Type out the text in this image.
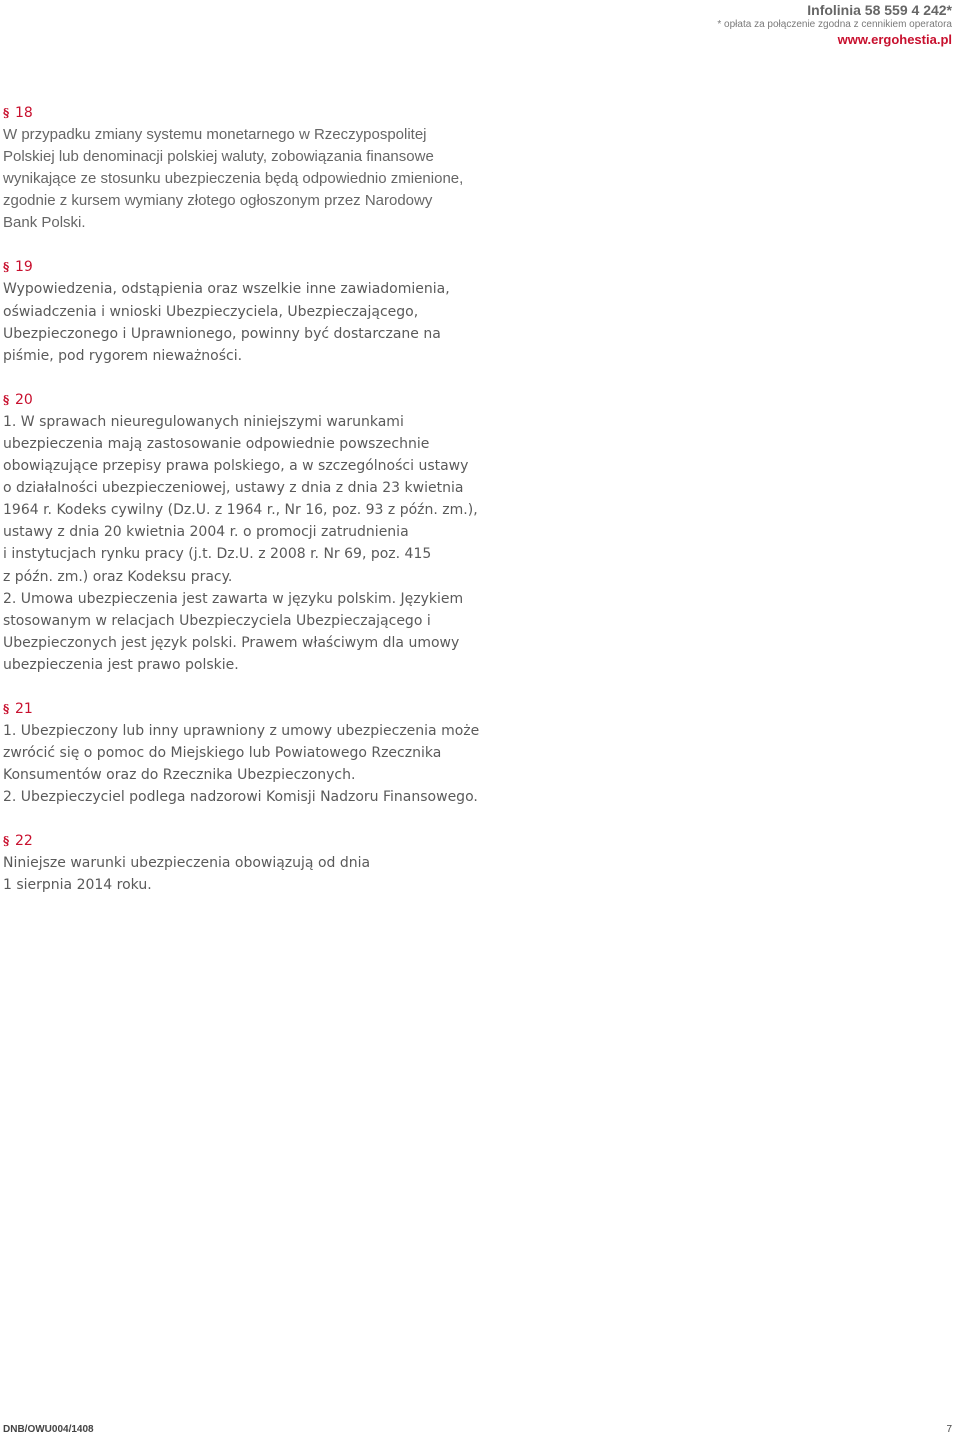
Infolinia 58 559 4 242*
* opłata za połączenie zgodna z cennikiem operatora
www.ergohestia.pl
§ 18
W przypadku zmiany systemu monetarnego w Rzeczypospolitej
Polskiej lub denominacji polskiej waluty, zobowiązania finansowe
wynikające ze stosunku ubezpieczenia będą odpowiednio zmienione,
zgodnie z kursem wymiany złotego ogłoszonym przez Narodowy
Bank Polski.
§ 19
Wypowiedzenia, odstąpienia oraz wszelkie inne zawiadomienia,
oświadczenia i wnioski Ubezpieczyciela, Ubezpieczającego,
Ubezpieczonego i Uprawnionego, powinny być dostarczane na
piśmie, pod rygorem nieważności.
§ 20
1. W sprawach nieuregulowanych niniejszymi warunkami
ubezpieczenia mają zastosowanie odpowiednie powszechnie
obowiązujące przepisy prawa polskiego, a w szczególności ustawy
o działalności ubezpieczeniowej, ustawy z dnia z dnia 23 kwietnia
1964 r. Kodeks cywilny (Dz.U. z 1964 r., Nr 16, poz. 93 z późn. zm.),
ustawy z dnia 20 kwietnia 2004 r. o promocji zatrudnienia
i instytucjach rynku pracy (j.t. Dz.U. z 2008 r. Nr 69, poz. 415
z późn. zm.) oraz Kodeksu pracy.
2. Umowa ubezpieczenia jest zawarta w języku polskim. Językiem
stosowanym w relacjach Ubezpieczyciela Ubezpieczającego i
Ubezpieczonych jest język polski. Prawem właściwym dla umowy
ubezpieczenia jest prawo polskie.
§ 21
1. Ubezpieczony lub inny uprawniony z umowy ubezpieczenia może
zwrócić się o pomoc do Miejskiego lub Powiatowego Rzecznika
Konsumentów oraz do Rzecznika Ubezpieczonych.
2. Ubezpieczyciel podlega nadzorowi Komisji Nadzoru Finansowego.
§ 22
Niniejsze warunki ubezpieczenia obowiązują od dnia
1 sierpnia 2014 roku.
DNB/OWU004/1408	7
